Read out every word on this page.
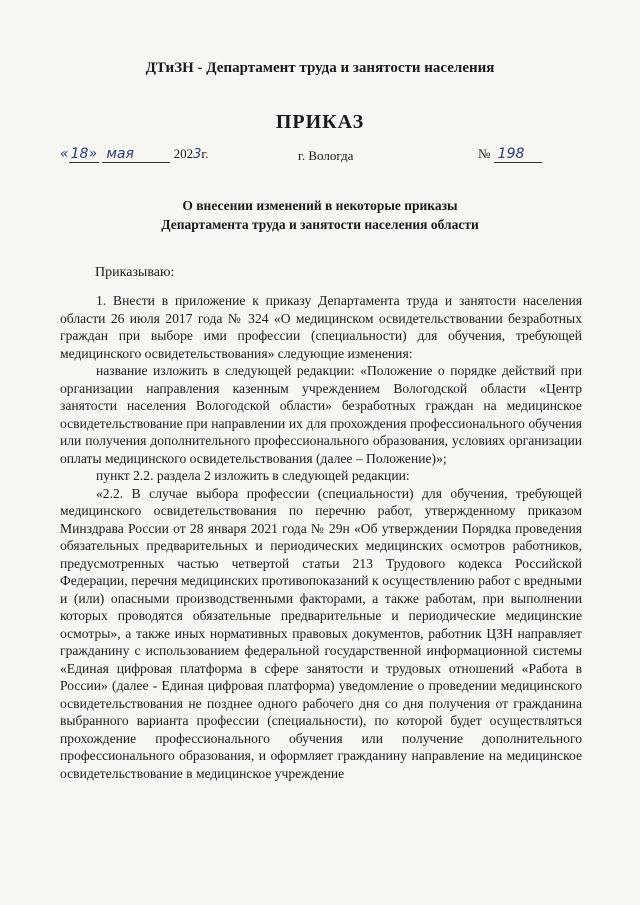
ДТиЗН - Департамент труда и занятости населения
ПРИКАЗ
« 18» мая	2023г.	г. Вологда	№ 198
О внесении изменений в некоторые приказы
Департамента труда и занятости населения области
Приказываю:

1. Внести в приложение к приказу Департамента труда и занятости населения области 26 июля 2017 года № 324 «О медицинском освидетельствовании безработных граждан при выборе ими профессии (специальности) для обучения, требующей медицинского освидетельствования» следующие изменения:

название изложить в следующей редакции: «Положение о порядке действий при организации направления казенным учреждением Вологодской области «Центр занятости населения Вологодской области» безработных граждан на медицинское освидетельствование при направлении их для прохождения профессионального обучения или получения дополнительного профессионального образования, условиях организации оплаты медицинского освидетельствования (далее – Положение)»;

пункт 2.2. раздела 2 изложить в следующей редакции:

«2.2. В случае выбора профессии (специальности) для обучения, требующей медицинского освидетельствования по перечню работ, утвержденному приказом Минздрава России от 28 января 2021 года № 29н «Об утверждении Порядка проведения обязательных предварительных и периодических медицинских осмотров работников, предусмотренных частью четвертой статьи 213 Трудового кодекса Российской Федерации, перечня медицинских противопоказаний к осуществлению работ с вредными и (или) опасными производственными факторами, а также работам, при выполнении которых проводятся обязательные предварительные и периодические медицинские осмотры», а также иных нормативных правовых документов, работник ЦЗН направляет гражданину с использованием федеральной государственной информационной системы «Единая цифровая платформа в сфере занятости и трудовых отношений «Работа в России» (далее - Единая цифровая платформа) уведомление о проведении медицинского освидетельствования не позднее одного рабочего дня со дня получения от гражданина выбранного варианта профессии (специальности), по которой будет осуществляться прохождение профессионального обучения или получение дополнительного профессионального образования, и оформляет гражданину направление на медицинское освидетельствование в медицинское учреждение
